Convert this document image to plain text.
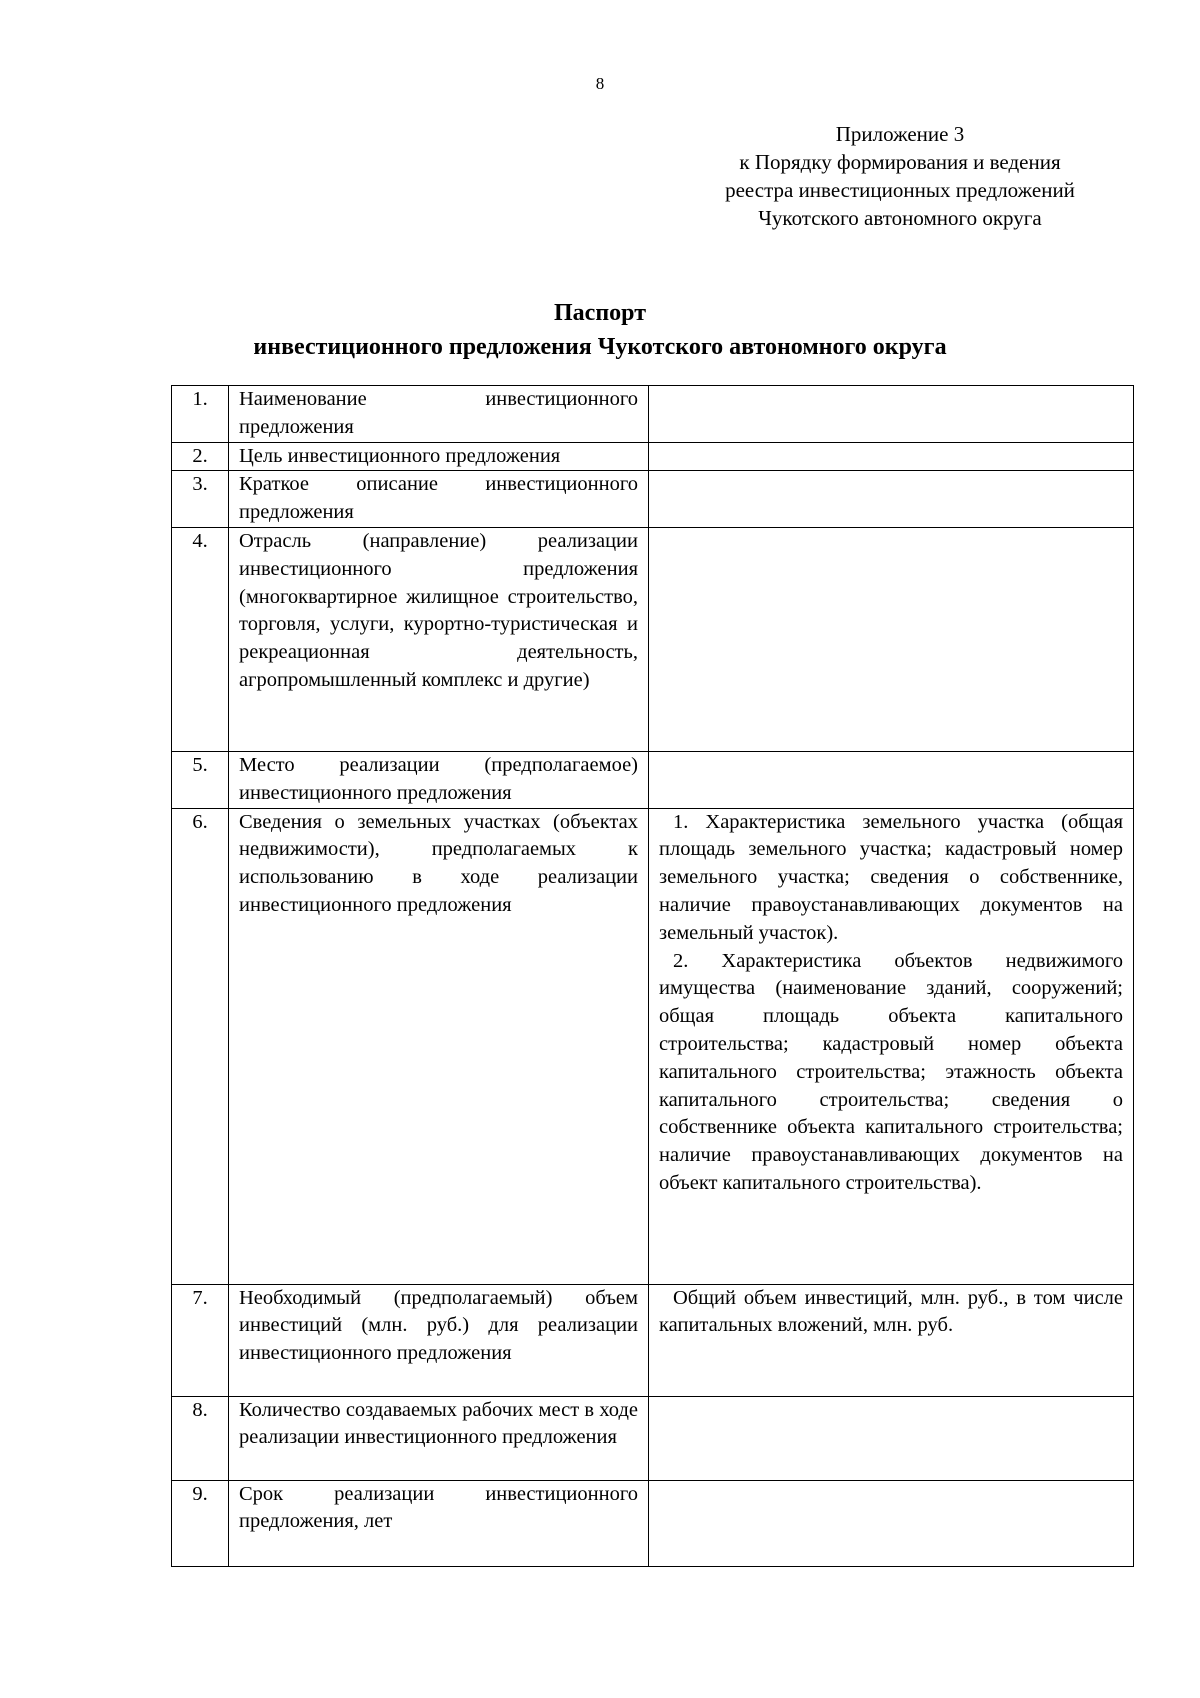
8
Приложение 3
к Порядку формирования и ведения
реестра инвестиционных предложений
Чукотского автономного округа
Паспорт
инвестиционного предложения Чукотского автономного округа
1.	Наименование инвестиционного предложения	
2.	Цель инвестиционного предложения	
3.	Краткое описание инвестиционного предложения	
4.	Отрасль (направление) реализации инвестиционного предложения (многоквартирное жилищное строительство, торговля, услуги, курортно-туристическая и рекреационная деятельность, агропромышленный комплекс и другие)	
5.	Место реализации (предполагаемое) инвестиционного предложения	
6.	Сведения о земельных участках (объектах недвижимости), предполагаемых к использованию в ходе реализации инвестиционного предложения	1. Характеристика земельного участка (общая площадь земельного участка; кадастровый номер земельного участка; сведения о собственнике, наличие правоустанавливающих документов на земельный участок).
2. Характеристика объектов недвижимого имущества (наименование зданий, сооружений; общая площадь объекта капитального строительства; кадастровый номер объекта капитального строительства; этажность объекта капитального строительства; сведения о собственнике объекта капитального строительства; наличие правоустанавливающих документов на объект капитального строительства).

7.	Необходимый (предполагаемый) объем инвестиций (млн. руб.) для реализации инвестиционного предложения	Общий объем инвестиций, млн. руб., в том числе капитальных вложений, млн. руб.

8.	Количество создаваемых рабочих мест в ходе реализации инвестиционного предложения	
9.	Срок реализации инвестиционного предложения, лет	
